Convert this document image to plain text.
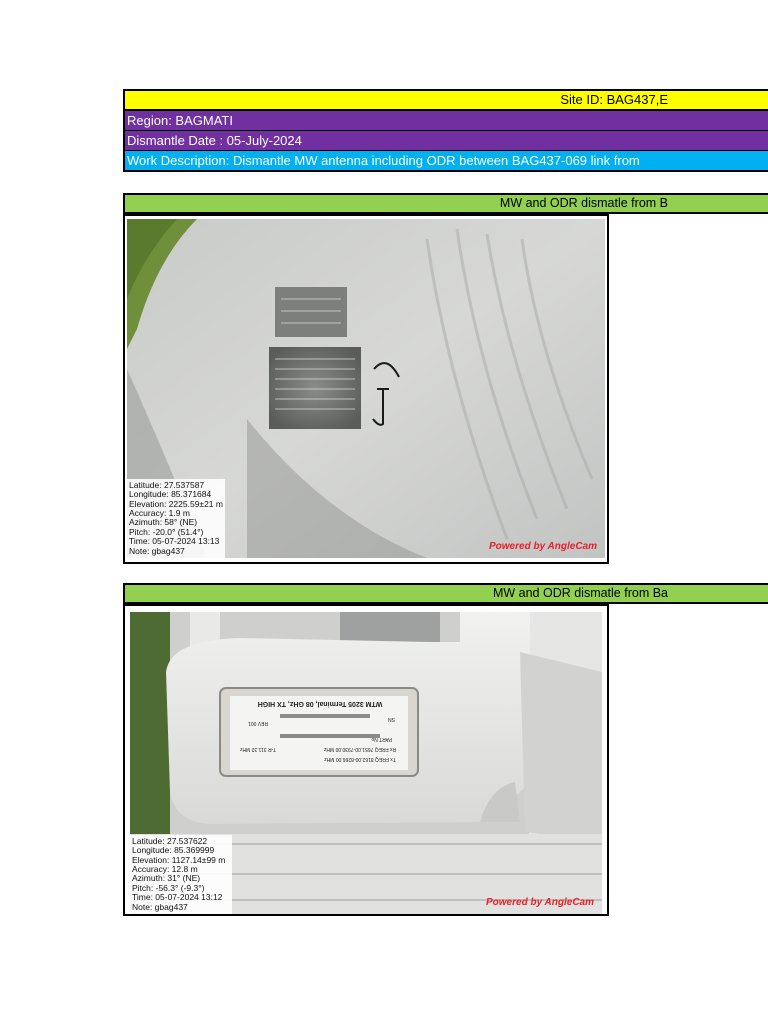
Site ID: BAG437,E
Region: BAGMATI
Dismantle Date : 05-July-2024
Work Description: Dismantle MW antenna including ODR between BAG437-069 link from
MW and ODR dismatle from B
Latitude: 27.537587
Longitude: 85.371684
Elevation: 2225.59±21 m
Accuracy: 1.9 m
Azimuth: 58° (NE)
Pitch: -20.0° (51.4°)
Time: 05-07-2024 13:13
Note: gbag437	Powered by AngleCam
MW and ODR dismatle from Ba
WTM 3205 Terminal, 08 GHz, TX HIGH
SN
PART No
Rx FREQ 7651.00-7930.00 MHz
Tx FREQ 8162.00-8266.00 MHz
T-R 311.32 MHz
REV 001
Latitude: 27.537622
Longitude: 85.369999
Elevation: 1127.14±99 m
Accuracy: 12.8 m
Azimuth: 31° (NE)
Pitch: -56.3° (-9.3°)
Time: 05-07-2024 13:12
Note: gbag437	Powered by AngleCam
